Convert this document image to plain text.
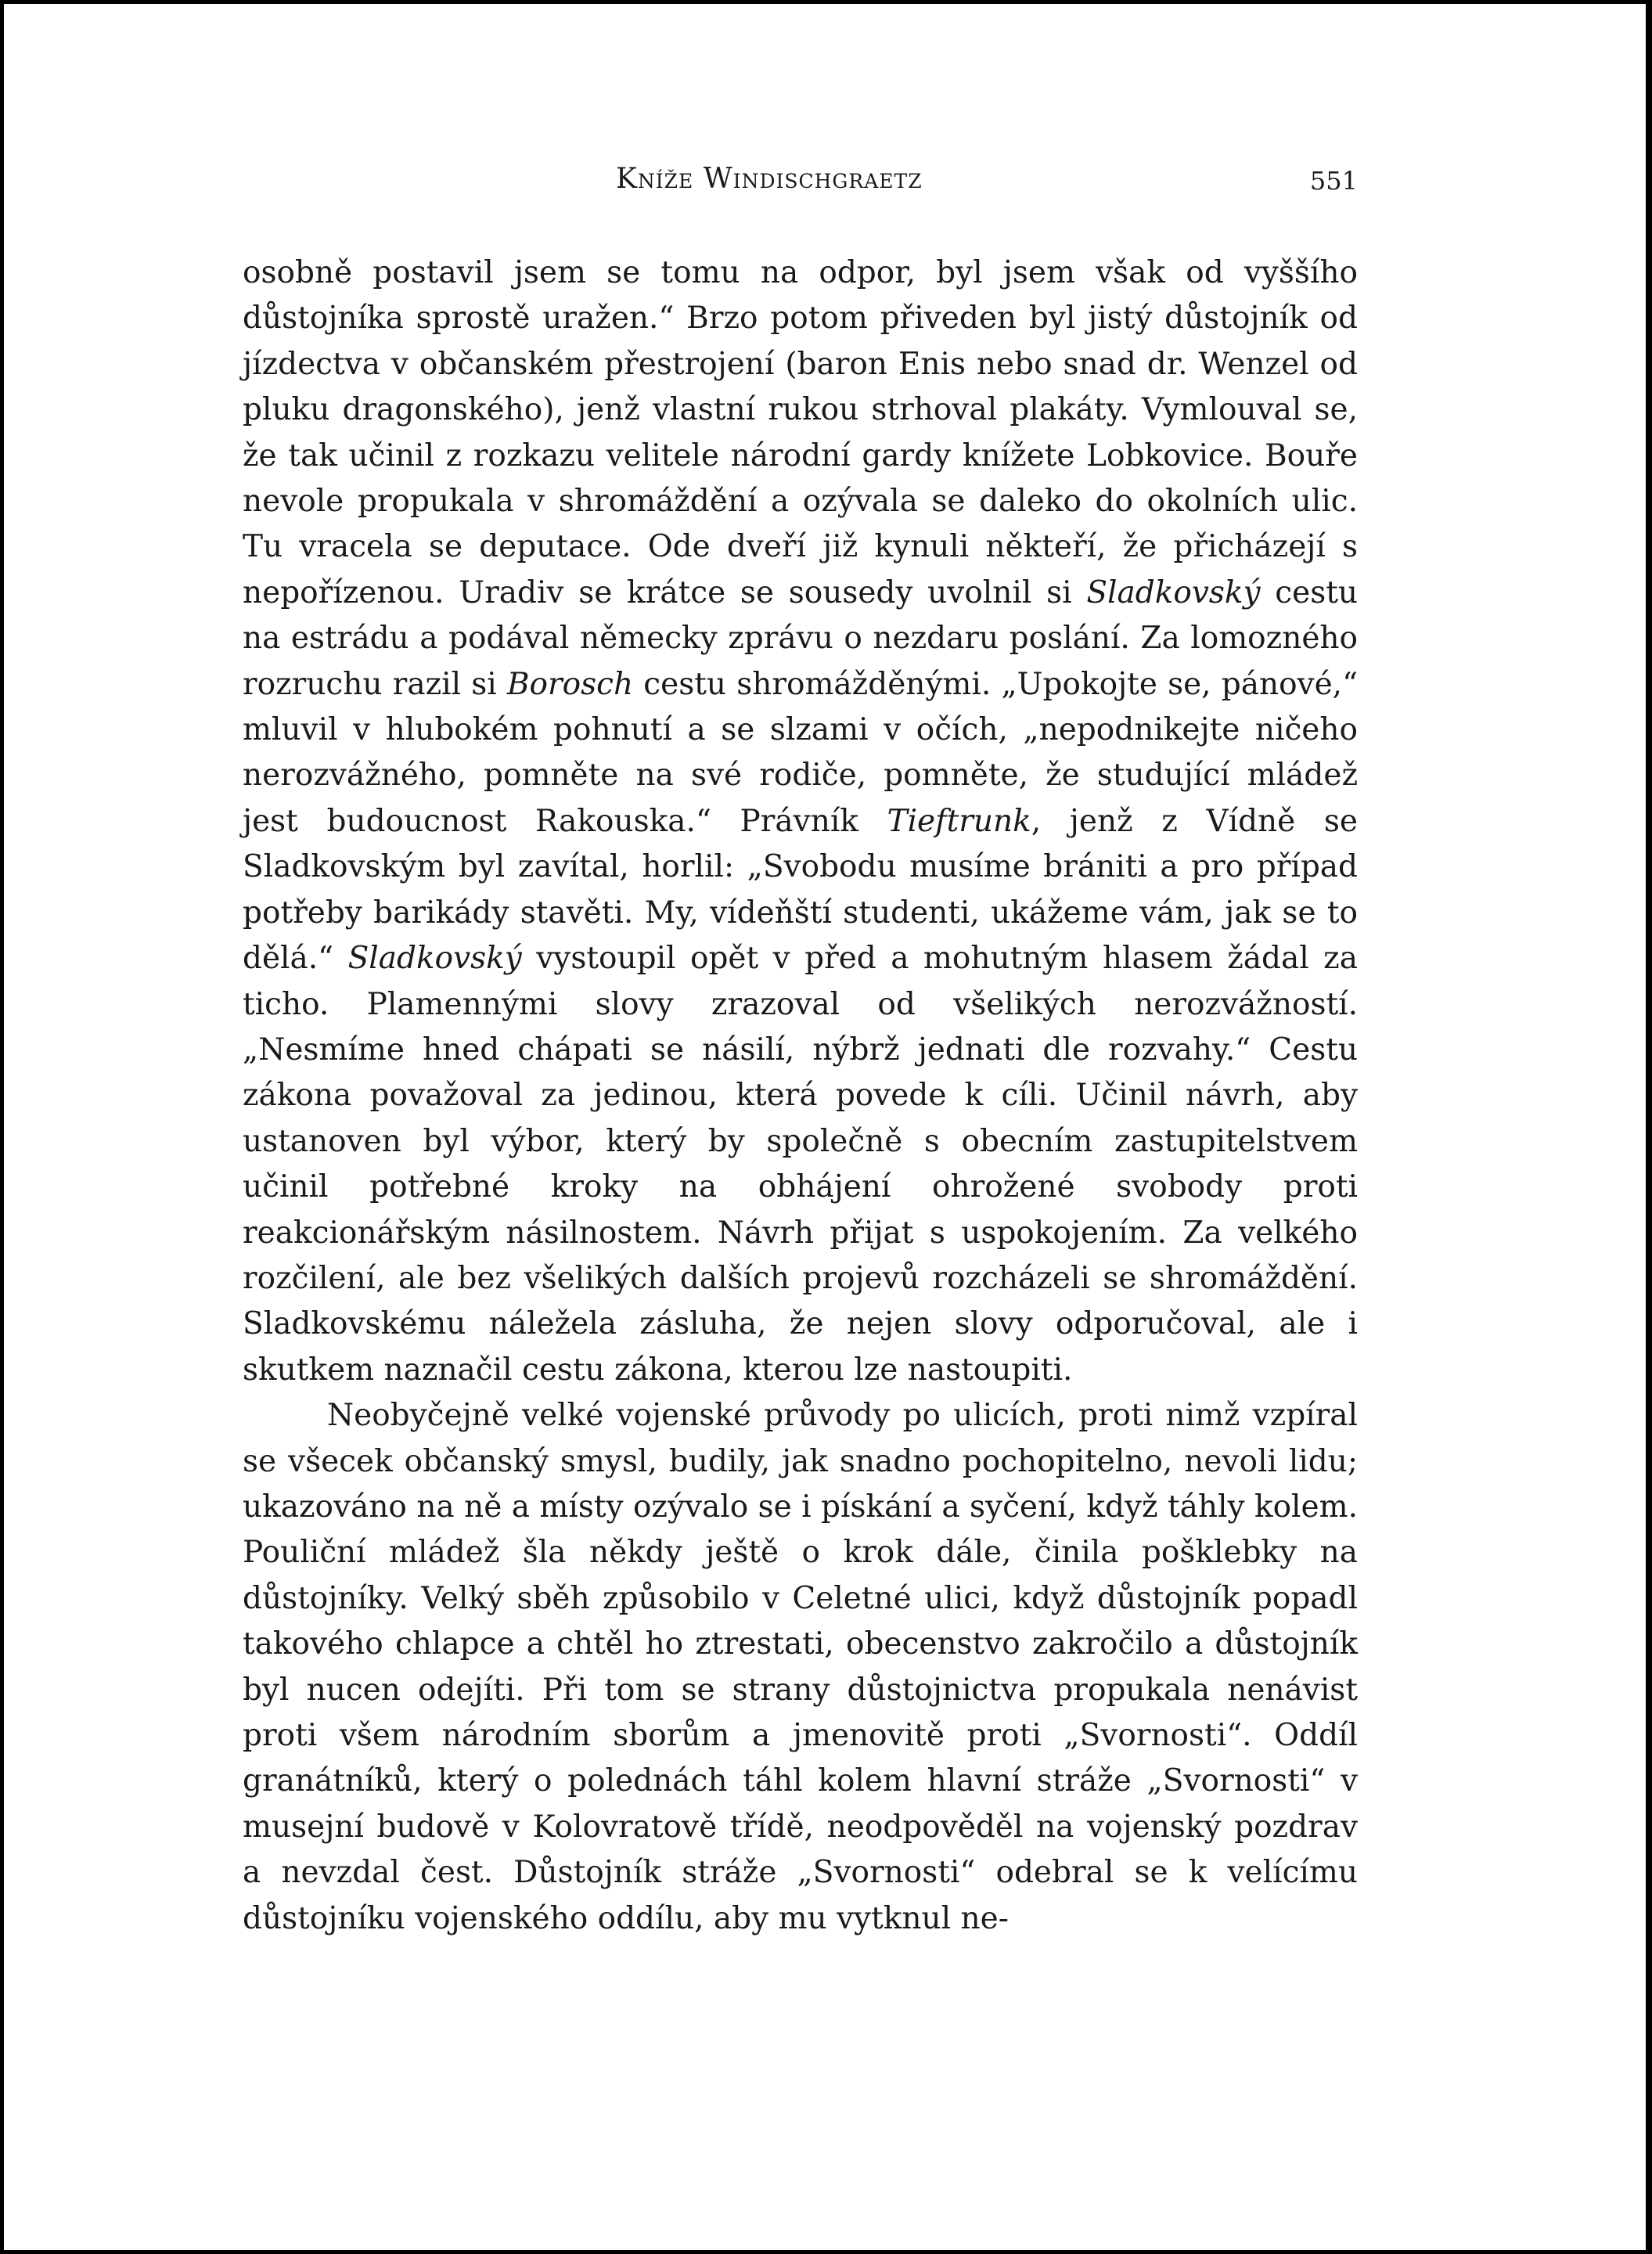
Kníže Windischgraetz	551

osobně postavil jsem se tomu na odpor, byl jsem však od vyššího důstojníka sprostě uražen.“ Brzo potom přiveden byl jistý důstojník od jízdectva v občanském přestrojení (baron Enis nebo snad dr. Wenzel od pluku dragonského), jenž vlastní rukou strhoval plakáty. Vymlouval se, že tak učinil z rozkazu velitele národní gardy knížete Lobkovice. Bouře nevole propukala v shromáždění a ozývala se daleko do okolních ulic. Tu vracela se deputace. Ode dveří již kynuli někteří, že přicházejí s nepořízenou. Uradiv se krátce se sousedy uvolnil si Sladkovský cestu na estrádu a podával německy zprávu o nezdaru poslání. Za lomozného rozruchu razil si Borosch cestu shromážděnými. „Upokojte se, pánové,“ mluvil v hlubokém pohnutí a se slzami v očích, „nepodnikejte ničeho nerozvážného, pomněte na své rodiče, pomněte, že studující mládež jest budoucnost Rakouska.“ Právník Tieftrunk, jenž z Vídně se Sladkovským byl zavítal, horlil: „Svobodu musíme brániti a pro případ potřeby barikády stavěti. My, vídeňští studenti, ukážeme vám, jak se to dělá.“ Sladkovský vystoupil opět v před a mohutným hlasem žádal za ticho. Plamennými slovy zrazoval od všelikých nerozvážností. „Nesmíme hned chápati se násilí, nýbrž jednati dle rozvahy.“ Cestu zákona považoval za jedinou, která povede k cíli. Učinil návrh, aby ustanoven byl výbor, který by společně s obecním zastupitelstvem učinil potřebné kroky na obhájení ohrožené svobody proti reakcionářským násilnostem. Návrh přijat s uspokojením. Za velkého rozčilení, ale bez všelikých dalších projevů rozcházeli se shromáždění. Sladkovskému náležela zásluha, že nejen slovy odporučoval, ale i skutkem naznačil cestu zákona, kterou lze nastoupiti.

Neobyčejně velké vojenské průvody po ulicích, proti nimž vzpíral se všecek občanský smysl, budily, jak snadno pochopitelno, nevoli lidu; ukazováno na ně a místy ozývalo se i pískání a syčení, když táhly kolem. Pouliční mládež šla někdy ještě o krok dále, činila pošklebky na důstojníky. Velký sběh způsobilo v Celetné ulici, když důstojník popadl takového chlapce a chtěl ho ztrestati, obecenstvo zakročilo a důstojník byl nucen odejíti. Při tom se strany důstojnictva propukala nenávist proti všem národním sborům a jmenovitě proti „Svornosti“. Oddíl granátníků, který o polednách táhl kolem hlavní stráže „Svornosti“ v musejní budově v Kolovratově třídě, neodpověděl na vojenský pozdrav a nevzdal čest. Důstojník stráže „Svornosti“ odebral se k velícímu důstojníku vojenského oddílu, aby mu vytknul ne-
